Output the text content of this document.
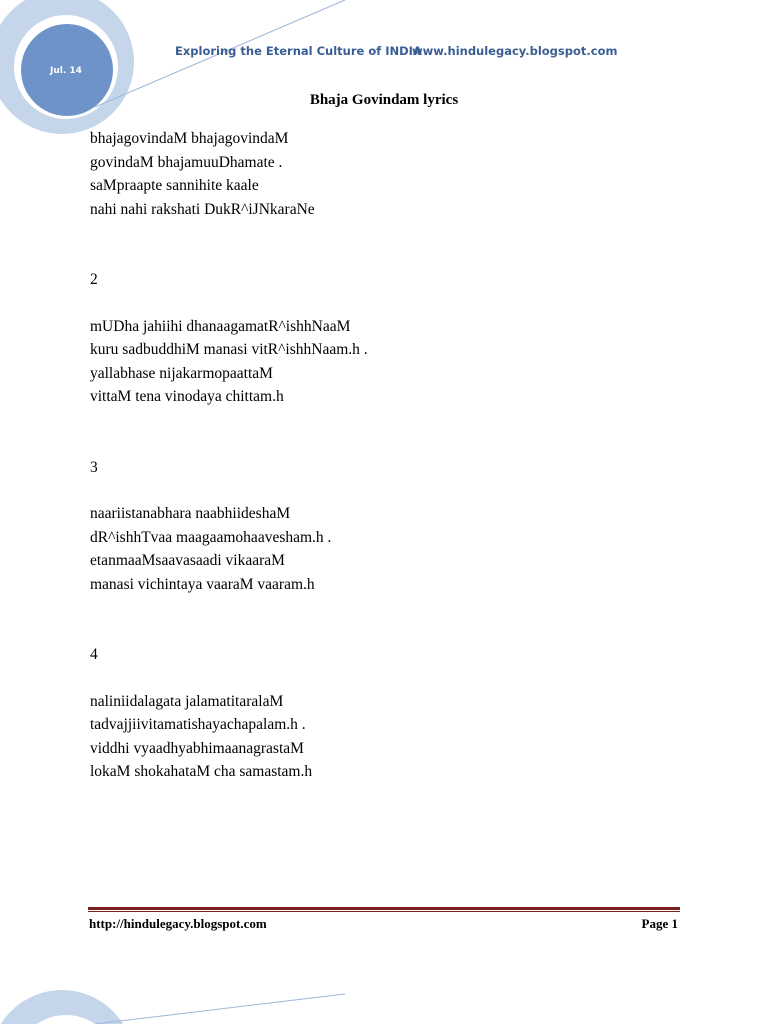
Jul. 14
Exploring the Eternal Culture of INDIA
www.hindulegacy.blogspot.com
Bhaja Govindam lyrics
bhajagovindaM bhajagovindaM
govindaM bhajamuuDhamate .
saMpraapte sannihite kaale
nahi nahi rakshati DukR^iJNkaraNe
2
mUDha jahiihi dhanaagamatR^ishhNaaM
kuru sadbuddhiM manasi vitR^ishhNaam.h .
yallabhase nijakarmopaattaM
vittaM tena vinodaya chittam.h
3
naariistanabhara naabhiideshaM
dR^ishhTvaa maagaamohaavesham.h .
etanmaaMsaavasaadi vikaaraM
manasi vichintaya vaaraM vaaram.h
4
naliniidalagata jalamatitaralaM
tadvajjiivitamatishayachapalam.h .
viddhi vyaadhyabhimaanagrastaM
lokaM shokahataM cha samastam.h
http://hindulegacy.blogspot.com	Page 1
